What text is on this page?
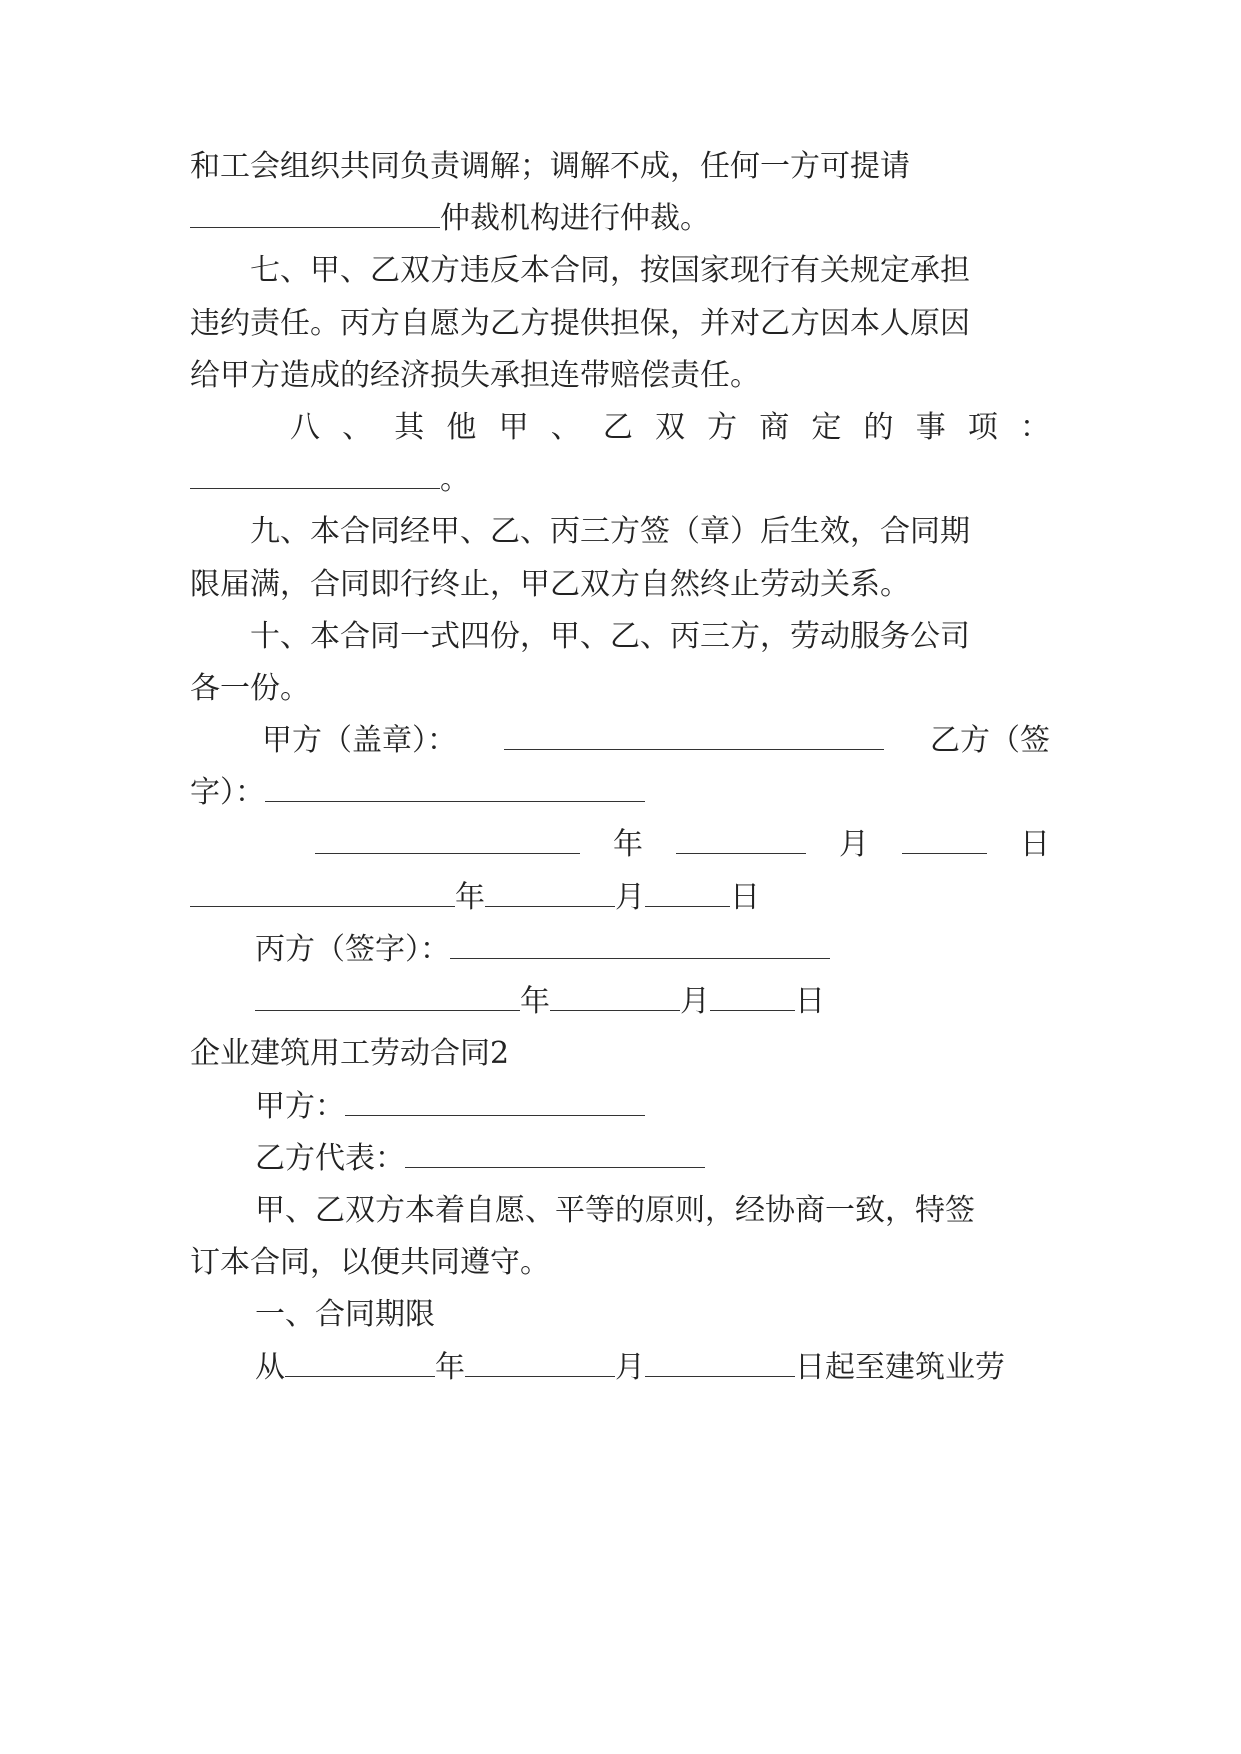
和工会组织共同负责调解；调解不成，任何一方可提请
仲裁机构进行仲裁。
七、甲、乙双方违反本合同，按国家现行有关规定承担
违约责任。丙方自愿为乙方提供担保，并对乙方因本人原因
给甲方造成的经济损失承担连带赔偿责任。
八 、 其 他 甲 、 乙 双 方 商 定 的 事 项 ：
。
九、本合同经甲、乙、丙三方签（章）后生效，合同期
限届满，合同即行终止，甲乙双方自然终止劳动关系。
十、本合同一式四份，甲、乙、丙三方，劳动服务公司
各一份。
甲方（盖章）：	乙方（签
字）：
年	月	日
年	月	日
丙方（签字）：
年	月	日
企业建筑用工劳动合同2
甲方：
乙方代表：
甲、乙双方本着自愿、平等的原则，经协商一致，特签
订本合同，以便共同遵守。
一、合同期限
从	年	月	日起至建筑业劳
